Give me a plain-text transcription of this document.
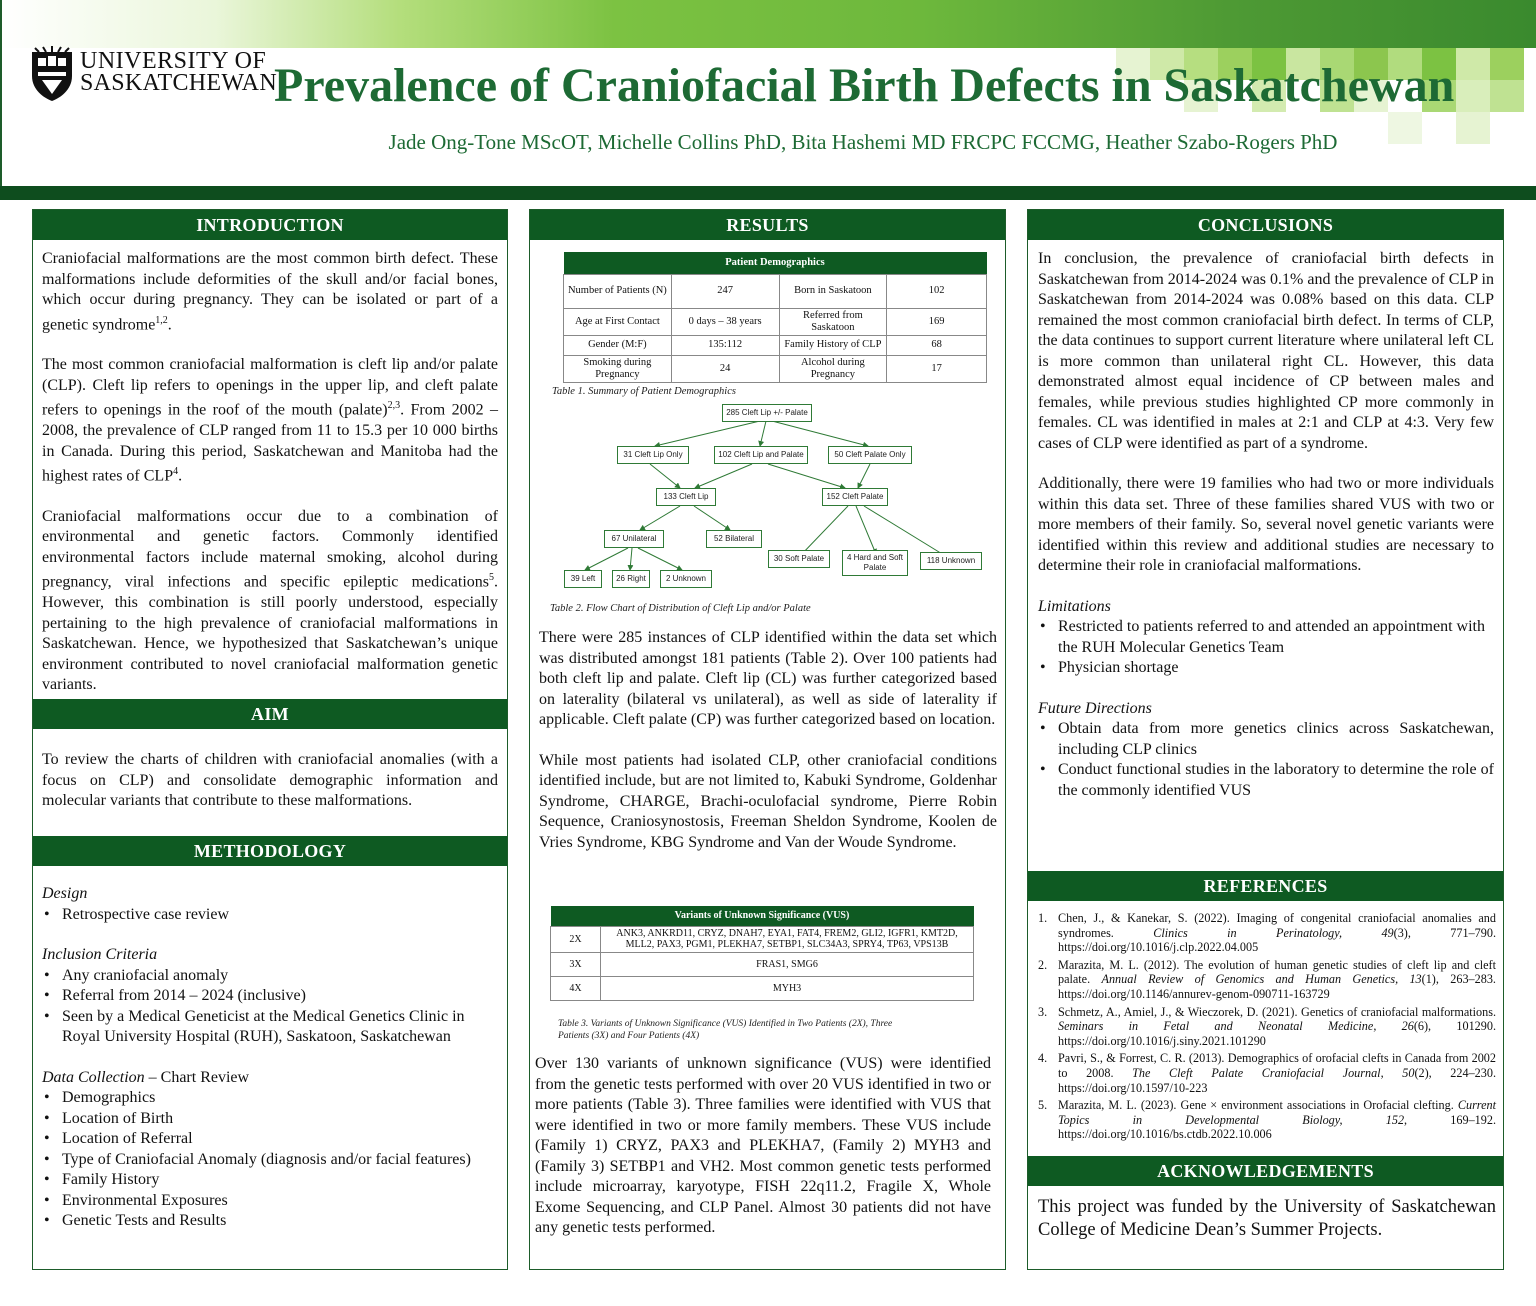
UNIVERSITY OF
SASKATCHEWAN
Prevalence of Craniofacial Birth Defects in Saskatchewan
Jade Ong-Tone MScOT, Michelle Collins PhD, Bita Hashemi MD FRCPC FCCMG, Heather Szabo-Rogers PhD
INTRODUCTION
Craniofacial malformations are the most common birth defect. These malformations include deformities of the skull and/or facial bones, which occur during pregnancy. They can be isolated or part of a genetic syndrome$^{1,2}$.
The most common craniofacial malformation is cleft lip and/or palate (CLP). Cleft lip refers to openings in the upper lip, and cleft palate refers to openings in the roof of the mouth (palate)$^{2,3}$. From 2002 – 2008, the prevalence of CLP ranged from 11 to 15.3 per 10 000 births in Canada. During this period, Saskatchewan and Manitoba had the highest rates of CLP$^4$.
Craniofacial malformations occur due to a combination of environmental and genetic factors. Commonly identified environmental factors include maternal smoking, alcohol during pregnancy, viral infections and specific epileptic medications$^5$. However, this combination is still poorly understood, especially pertaining to the high prevalence of craniofacial malformations in Saskatchewan. Hence, we hypothesized that Saskatchewan’s unique environment contributed to novel craniofacial malformation genetic variants.
AIM
To review the charts of children with craniofacial anomalies (with a focus on CLP) and consolidate demographic information and molecular variants that contribute to these malformations.
METHODOLOGY
Design
• Retrospective case review
Inclusion Criteria
• Any craniofacial anomaly
• Referral from 2014 – 2024 (inclusive)
• Seen by a Medical Geneticist at the Medical Genetics Clinic in Royal University Hospital (RUH), Saskatoon, Saskatchewan
Data Collection – Chart Review
• Demographics
• Location of Birth
• Location of Referral
• Type of Craniofacial Anomaly (diagnosis and/or facial features)
• Family History
• Environmental Exposures
• Genetic Tests and Results
RESULTS
Patient Demographics			
Number of Patients (N)	247	Born in Saskatoon	102
Age at First Contact	0 days – 38 years	Referred from Saskatoon	169
Gender (M:F)	135:112	Family History of CLP	68
Smoking during Pregnancy	24	Alcohol during Pregnancy	17
Table 1. Summary of Patient Demographics
285 Cleft Lip +/- Palate
31 Cleft Lip Only	102 Cleft Lip and Palate	50 Cleft Palate Only
133 Cleft Lip	152 Cleft Palate
67 Unilateral	52 Bilateral
39 Left	26 Right	2 Unknown
30 Soft Palate	4 Hard and Soft Palate
118 Unknown
Table 2. Flow Chart of Distribution of Cleft Lip and/or Palate
There were 285 instances of CLP identified within the data set which was distributed amongst 181 patients (Table 2). Over 100 patients had both cleft lip and palate. Cleft lip (CL) was further categorized based on laterality (bilateral vs unilateral), as well as side of laterality if applicable. Cleft palate (CP) was further categorized based on location.
While most patients had isolated CLP, other craniofacial conditions identified include, but are not limited to, Kabuki Syndrome, Goldenhar Syndrome, CHARGE, Brachi-oculofacial syndrome, Pierre Robin Sequence, Craniosynostosis, Freeman Sheldon Syndrome, Koolen de Vries Syndrome, KBG Syndrome and Van der Woude Syndrome.
Variants of Unknown Significance (VUS)	
2X	ANK3, ANKRD11, CRYZ, DNAH7, EYA1, FAT4, FREM2, GLI2, IGFR1, KMT2D, MLL2, PAX3, PGM1, PLEKHA7, SETBP1, SLC34A3, SPRY4, TP63, VPS13B
3X	FRAS1, SMG6
4X	MYH3
Table 3. Variants of Unknown Significance (VUS) Identified in Two Patients (2X), Three
Patients (3X) and Four Patients (4X)
Over 130 variants of unknown significance (VUS) were identified from the genetic tests performed with over 20 VUS identified in two or more patients (Table 3). Three families were identified with VUS that were identified in two or more family members. These VUS include (Family 1) CRYZ, PAX3 and PLEKHA7, (Family 2) MYH3 and (Family 3) SETBP1 and VH2. Most common genetic tests performed include microarray, karyotype, FISH 22q11.2, Fragile X, Whole Exome Sequencing, and CLP Panel. Almost 30 patients did not have any genetic tests performed.
CONCLUSIONS
In conclusion, the prevalence of craniofacial birth defects in Saskatchewan from 2014-2024 was 0.1% and the prevalence of CLP in Saskatchewan from 2014-2024 was 0.08% based on this data. CLP remained the most common craniofacial birth defect. In terms of CLP, the data continues to support current literature where unilateral left CL is more common than unilateral right CL. However, this data demonstrated almost equal incidence of CP between males and females, while previous studies highlighted CP more commonly in females. CL was identified in males at 2:1 and CLP at 4:3. Very few cases of CLP were identified as part of a syndrome.
Additionally, there were 19 families who had two or more individuals within this data set. Three of these families shared VUS with two or more members of their family. So, several novel genetic variants were identified within this review and additional studies are necessary to determine their role in craniofacial malformations.
Limitations
• Restricted to patients referred to and attended an appointment with the RUH Molecular Genetics Team
• Physician shortage
Future Directions
• Obtain data from more genetics clinics across Saskatchewan, including CLP clinics
• Conduct functional studies in the laboratory to determine the role of the commonly identified VUS
REFERENCES
1. Chen, J., & Kanekar, S. (2022). Imaging of congenital craniofacial anomalies and syndromes. Clinics in Perinatology, 49(3), 771–790. https://doi.org/10.1016/j.clp.2022.04.005
2. Marazita, M. L. (2012). The evolution of human genetic studies of cleft lip and cleft palate. Annual Review of Genomics and Human Genetics, 13(1), 263–283. https://doi.org/10.1146/annurev-genom-090711-163729
3. Schmetz, A., Amiel, J., & Wieczorek, D. (2021). Genetics of craniofacial malformations. Seminars in Fetal and Neonatal Medicine, 26(6), 101290. https://doi.org/10.1016/j.siny.2021.101290
4. Pavri, S., & Forrest, C. R. (2013). Demographics of orofacial clefts in Canada from 2002 to 2008. The Cleft Palate Craniofacial Journal, 50(2), 224–230. https://doi.org/10.1597/10-223
5. Marazita, M. L. (2023). Gene × environment associations in Orofacial clefting. Current Topics in Developmental Biology, 152, 169–192. https://doi.org/10.1016/bs.ctdb.2022.10.006
ACKNOWLEDGEMENTS
This project was funded by the University of Saskatchewan College of Medicine Dean’s Summer Projects.
